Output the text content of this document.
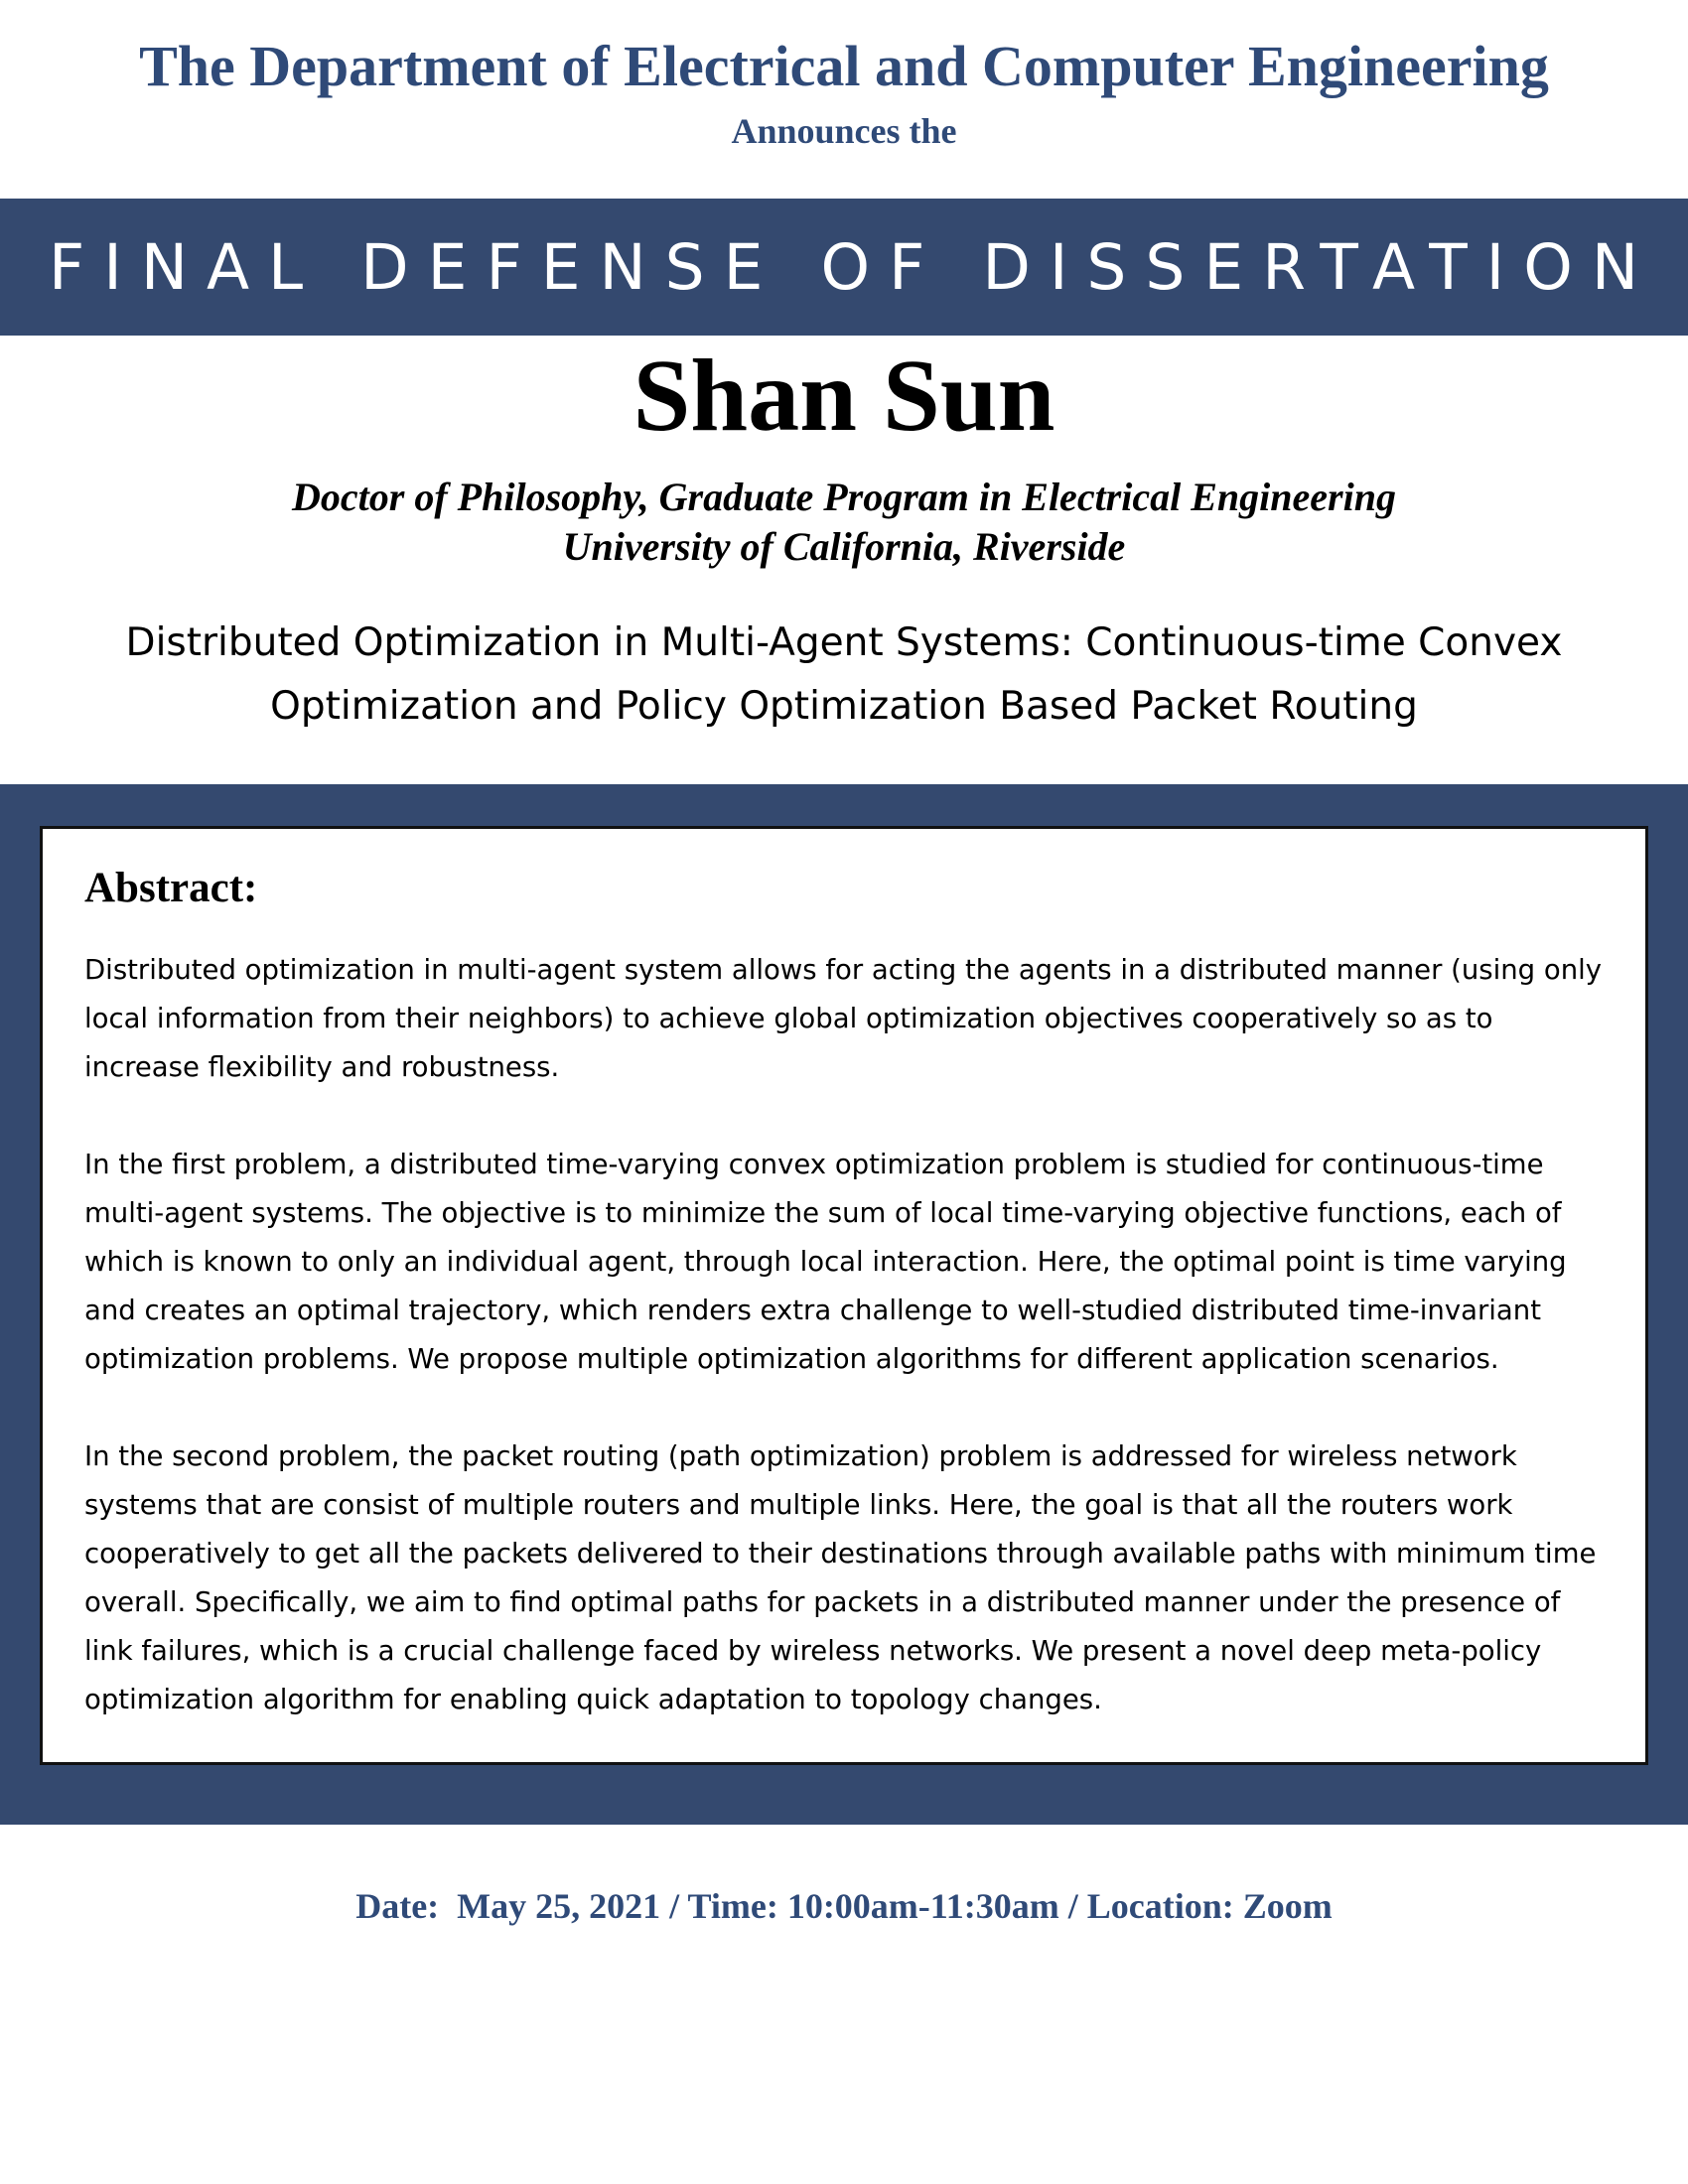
The Department of Electrical and Computer Engineering
Announces the
FINAL DEFENSE OF DISSERTATION
Shan Sun
Doctor of Philosophy, Graduate Program in Electrical Engineering
University of California, Riverside
Distributed Optimization in Multi-Agent Systems: Continuous-time Convex
Optimization and Policy Optimization Based Packet Routing
Abstract:

Distributed optimization in multi-agent system allows for acting the agents in a distributed manner (using only local information from their neighbors) to achieve global optimization objectives cooperatively so as to increase flexibility and robustness.

In the first problem, a distributed time-varying convex optimization problem is studied for continuous-time multi-agent systems. The objective is to minimize the sum of local time-varying objective functions, each of which is known to only an individual agent, through local interaction. Here, the optimal point is time varying and creates an optimal trajectory, which renders extra challenge to well-studied distributed time-invariant optimization problems. We propose multiple optimization algorithms for different application scenarios.

In the second problem, the packet routing (path optimization) problem is addressed for wireless network systems that are consist of multiple routers and multiple links. Here, the goal is that all the routers work cooperatively to get all the packets delivered to their destinations through available paths with minimum time overall. Specifically, we aim to find optimal paths for packets in a distributed manner under the presence of link failures, which is a crucial challenge faced by wireless networks. We present a novel deep meta-policy optimization algorithm for enabling quick adaptation to topology changes.

Date:  May 25, 2021 / Time: 10:00am-11:30am / Location: Zoom
